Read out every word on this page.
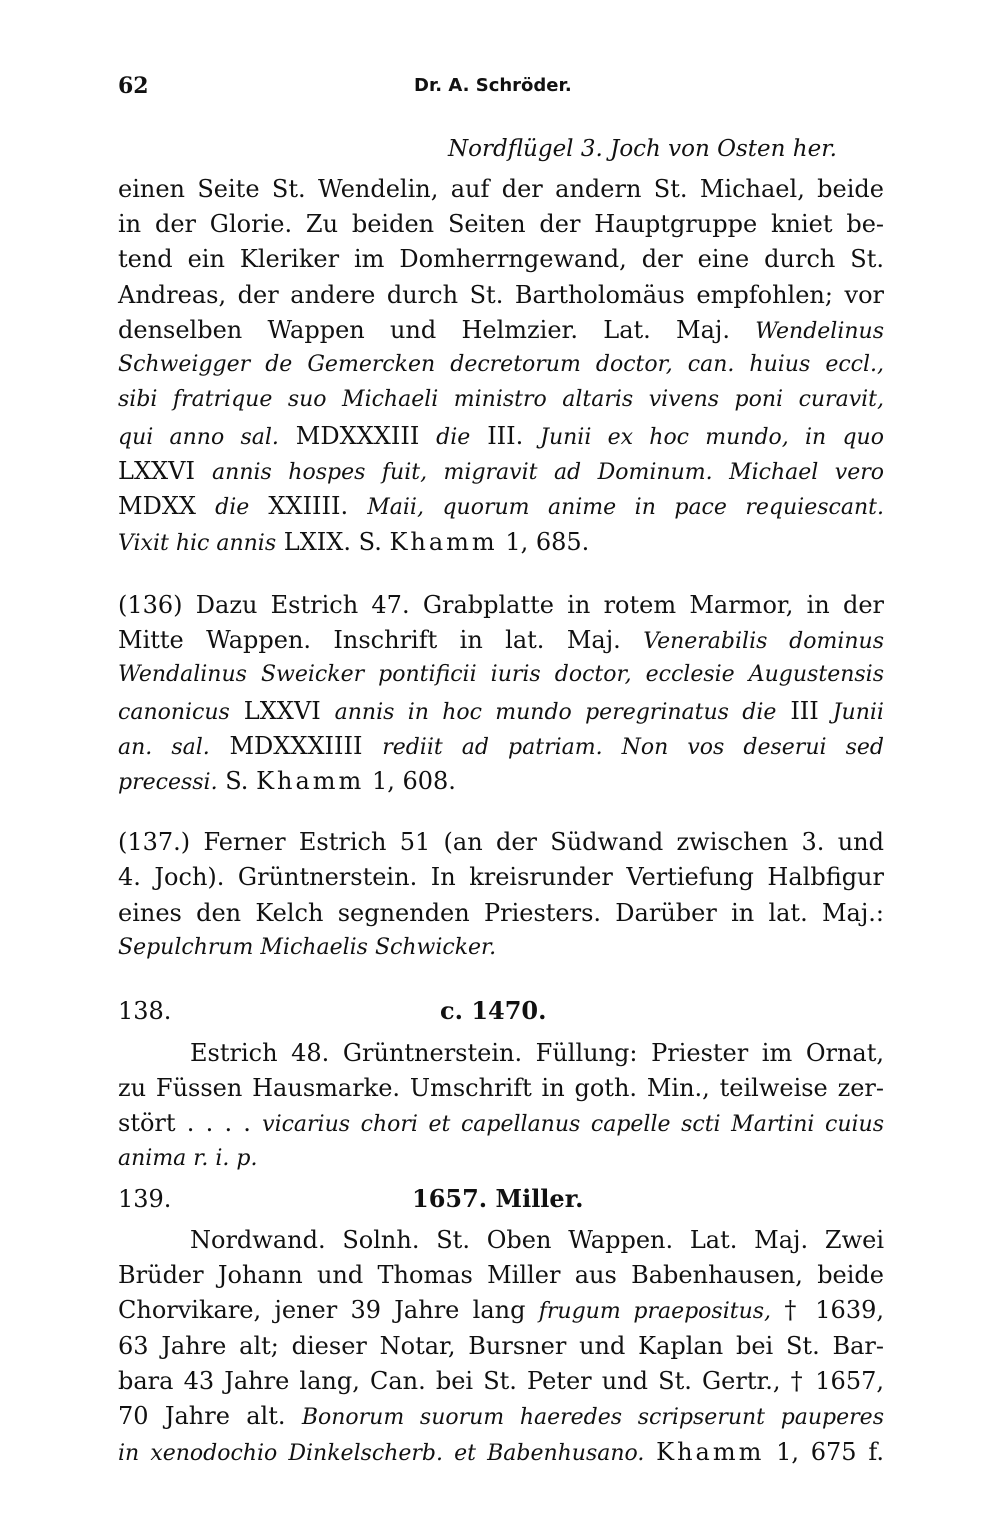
62	Dr. A. Schröder.
Nordflügel 3. Joch von Osten her.
einen Seite St. Wendelin, auf der andern St. Michael, beide
in der Glorie. Zu beiden Seiten der Hauptgruppe kniet be-
tend ein Kleriker im Domherrngewand, der eine durch St.
Andreas, der andere durch St. Bartholomäus empfohlen; vor
denselben Wappen und Helmzier. Lat. Maj. Wendelinus
Schweigger de Gemercken decretorum doctor, can. huius eccl.,
sibi fratrique suo Michaeli ministro altaris vivens poni curavit,
qui anno sal. MDXXXIII die III. Junii ex hoc mundo, in quo
LXXVI annis hospes fuit, migravit ad Dominum. Michael vero
MDXX die XXIIII. Maii, quorum anime in pace requiescant.
Vixit hic annis LXIX. S. Khamm 1, 685.
(136) Dazu Estrich 47. Grabplatte in rotem Marmor, in der
Mitte Wappen. Inschrift in lat. Maj. Venerabilis dominus
Wendalinus Sweicker pontificii iuris doctor, ecclesie Augustensis
canonicus LXXVI annis in hoc mundo peregrinatus die III Junii
an. sal. MDXXXIIII rediit ad patriam. Non vos deserui sed
precessi. S. Khamm 1, 608.
(137.) Ferner Estrich 51 (an der Südwand zwischen 3. und
4. Joch). Grüntnerstein. In kreisrunder Vertiefung Halbfigur
eines den Kelch segnenden Priesters. Darüber in lat. Maj.:
Sepulchrum Michaelis Schwicker.
138.	c. 1470.
Estrich 48. Grüntnerstein. Füllung: Priester im Ornat,
zu Füssen Hausmarke. Umschrift in goth. Min., teilweise zer-
stört . . . . vicarius chori et capellanus capelle scti Martini cuius
anima r. i. p.
139.	1657. Miller.
Nordwand. Solnh. St. Oben Wappen. Lat. Maj. Zwei
Brüder Johann und Thomas Miller aus Babenhausen, beide
Chorvikare, jener 39 Jahre lang frugum praepositus, † 1639,
63 Jahre alt; dieser Notar, Bursner und Kaplan bei St. Bar-
bara 43 Jahre lang, Can. bei St. Peter und St. Gertr., † 1657,
70 Jahre alt. Bonorum suorum haeredes scripserunt pauperes
in xenodochio Dinkelscherb. et Babenhusano. Khamm 1, 675 f.
